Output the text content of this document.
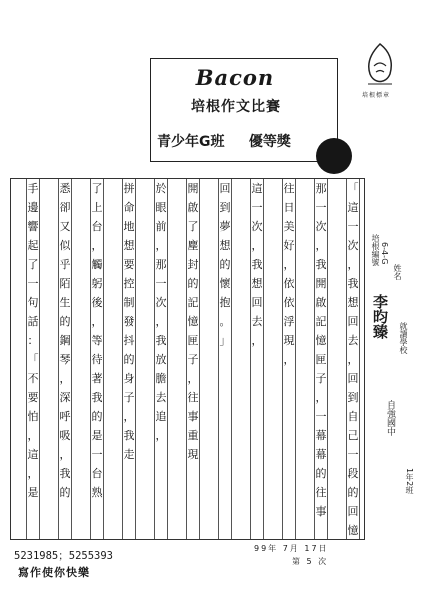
Bacon
培根作文比賽
青少年G班 優等獎
培根標章
「
這
一
次
，
我
想
回
去
，
回
到
自
己
一
段
的
回
憶
那
一
次
，
我
開
啟
記
憶
匣
子
，
一
幕
幕
的
往
事
往
日
美
好
，
依
依
浮
現
，
這
一
次
，
我
想
回
去
，
回
到
夢
想
的
懷
抱
。
」
開
啟
了
塵
封
的
記
憶
匣
子
，
往
事
重
現
於
眼
前
，
那
一
次
，
我
放
膽
去
追
，
拼
命
地
想
要
控
制
發
抖
的
身
子
，
我
走
了
上
台
，
觸
躬
後
，
等
待
著
我
的
是
一
台
熟
悉
卻
又
似
乎
陌
生
的
鋼
琴
，
深
呼
吸
，
我
的
手
邊
響
起
了
一
句
話
：
「
不
要
怕
，
這
，
是
培根編號 6-4-G
姓名
李昀臻 就讀學校
自強國中
1年2班
5231985；5255393
寫作使你快樂
99年 7月 17日
第 5 次
